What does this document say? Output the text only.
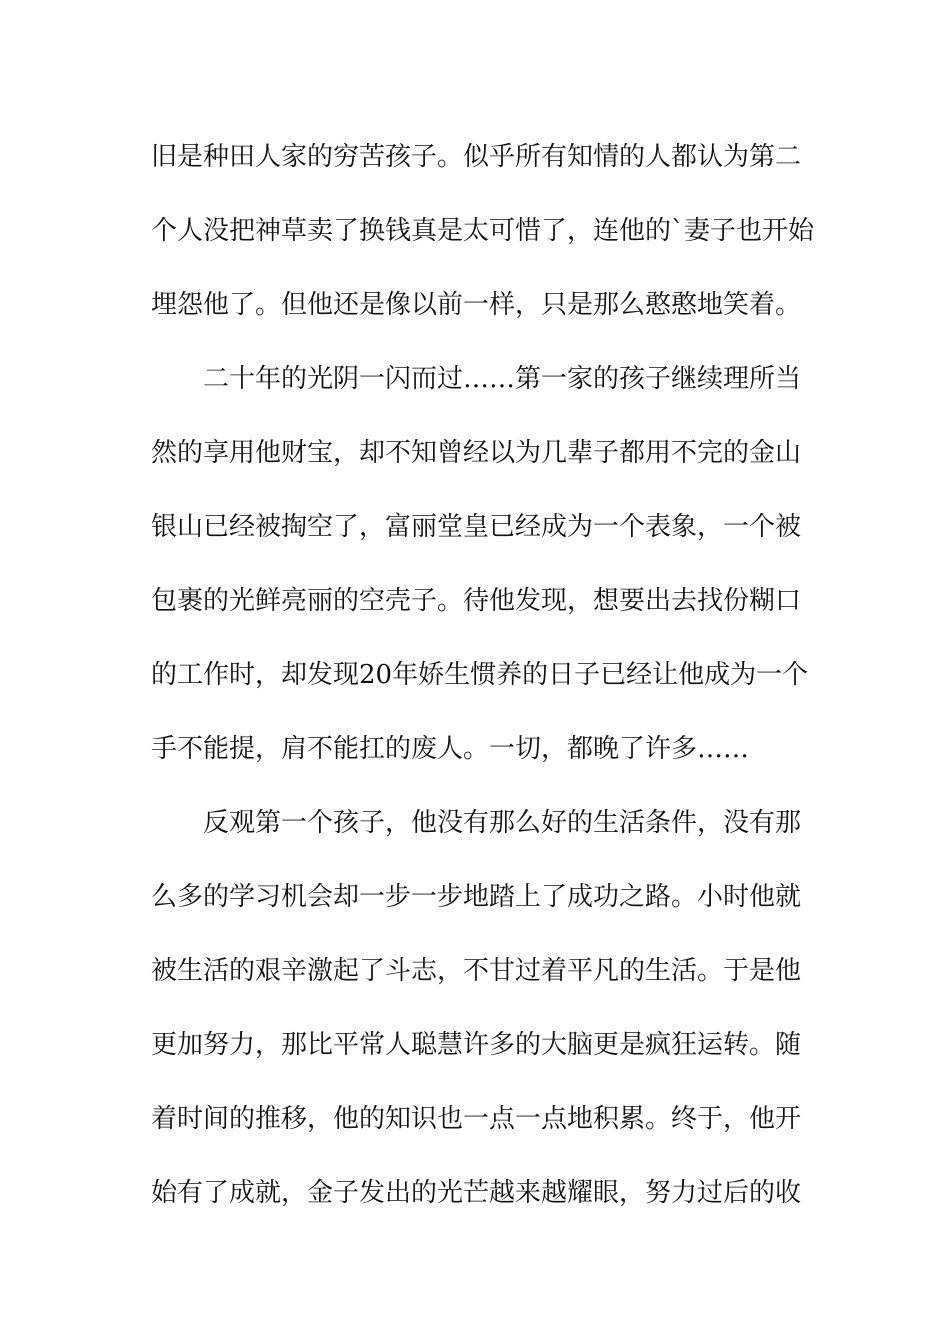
旧是种田人家的穷苦孩子。似乎所有知情的人都认为第二
个人没把神草卖了换钱真是太可惜了，连他的`妻子也开始
埋怨他了。但他还是像以前一样，只是那么憨憨地笑着。
二十年的光阴一闪而过……第一家的孩子继续理所当
然的享用他财宝，却不知曾经以为几辈子都用不完的金山
银山已经被掏空了，富丽堂皇已经成为一个表象，一个被
包裹的光鲜亮丽的空壳子。待他发现，想要出去找份糊口
的工作时，却发现20年娇生惯养的日子已经让他成为一个
手不能提，肩不能扛的废人。一切，都晚了许多……
反观第一个孩子，他没有那么好的生活条件，没有那
么多的学习机会却一步一步地踏上了成功之路。小时他就
被生活的艰辛激起了斗志，不甘过着平凡的生活。于是他
更加努力，那比平常人聪慧许多的大脑更是疯狂运转。随
着时间的推移，他的知识也一点一点地积累。终于，他开
始有了成就，金子发出的光芒越来越耀眼，努力过后的收
